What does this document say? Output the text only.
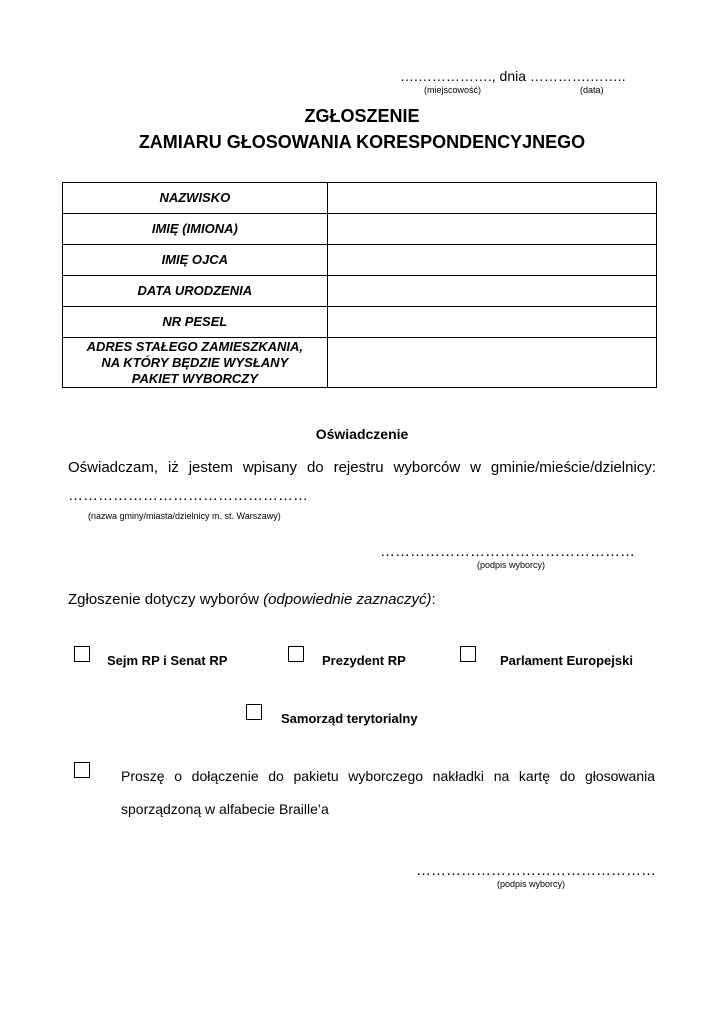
….……………., dnia ………….……..
(miejscowość)	(data)
ZGŁOSZENIE
ZAMIARU GŁOSOWANIA KORESPONDENCYJNEGO
NAZWISKO	
IMIĘ (IMIONA)	
IMIĘ OJCA	
DATA URODZENIA	
NR PESEL	

ADRES STAŁEGO ZAMIESZKANIA,
NA KTÓRY BĘDZIE WYSŁANY
PAKIET WYBORCZY	

Oświadczenie
Oświadczam, iż jestem wpisany do rejestru wyborców w gminie/mieście/dzielnicy:
…………………………………………
(nazwa gminy/miasta/dzielnicy m. st. Warszawy)
……………………………………………
(podpis wyborcy)
Zgłoszenie dotyczy wyborów (odpowiednie zaznaczyć):
Sejm RP i Senat RP	Prezydent RP	Parlament Europejski
Samorząd terytorialny
Proszę o dołączenie do pakietu wyborczego nakładki na kartę do głosowania
sporządzoną w alfabecie Braille’a
…………………………………………
(podpis wyborcy)
